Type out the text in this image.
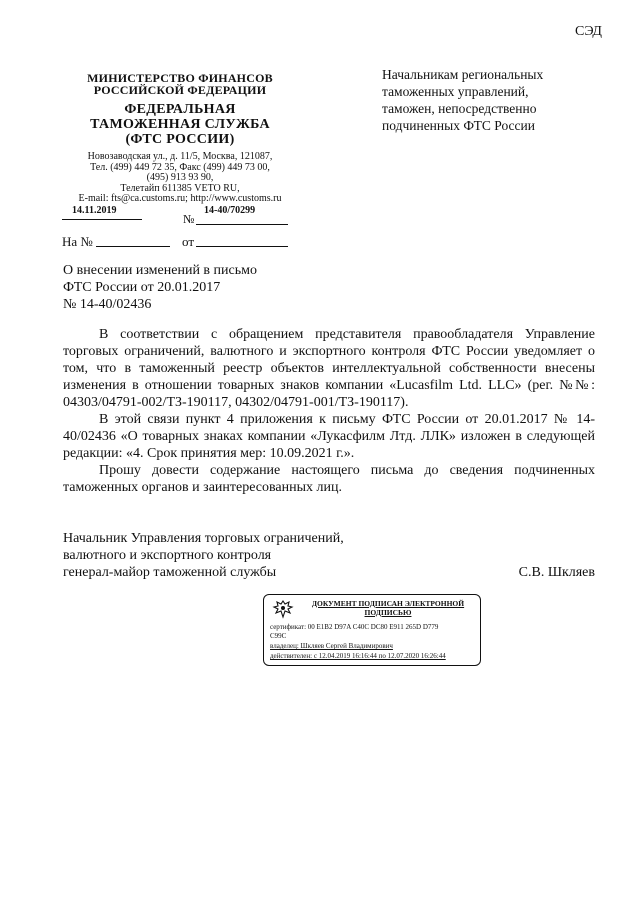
СЭД
МИНИСТЕРСТВО ФИНАНСОВ
РОССИЙСКОЙ ФЕДЕРАЦИИ
ФЕДЕРАЛЬНАЯ
ТАМОЖЕННАЯ СЛУЖБА
(ФТС РОССИИ)
Новозаводская ул., д. 11/5, Москва, 121087,
Тел. (499) 449 72 35, Факс (499) 449 73 00,
(495) 913 93 90,
Телетайп 611385 VETO RU,
E-mail: fts@ca.customs.ru; http://www.customs.ru
14.11.2019
№
14-40/70299
На №	от
Начальникам региональных
таможенных управлений,
таможен, непосредственно
подчиненных ФТС России
О внесении изменений в письмо
ФТС России от 20.01.2017
№ 14-40/02436

В соответствии с обращением представителя правообладателя Управление торговых ограничений, валютного и экспортного контроля ФТС России уведомляет о том, что в таможенный реестр объектов интеллектуальной собственности внесены изменения в отношении товарных знаков компании «Lucasfilm Ltd. LLC» (рег. №№: 04303/04791-002/ТЗ-190117, 04302/04791-001/ТЗ-190117).

В этой связи пункт 4 приложения к письму ФТС России от 20.01.2017 № 14-40/02436 «О товарных знаках компании «Лукасфилм Лтд. ЛЛК» изложен в следующей редакции: «4. Срок принятия мер: 10.09.2021 г.».

Прошу довести содержание настоящего письма до сведения подчиненных таможенных органов и заинтересованных лиц.

Начальник Управления торговых ограничений,
валютного и экспортного контроля
генерал-майор таможенной службы	С.В. Шкляев
ДОКУМЕНТ ПОДПИСАН ЭЛЕКТРОННОЙ
ПОДПИСЬЮ
сертификат: 00 E1B2 D97A C40C DC80 E911 265D D779
C99C
владелец: Шкляев Сергей Владимирович
действителен: с 12.04.2019 16:16:44 по 12.07.2020 16:26:44
